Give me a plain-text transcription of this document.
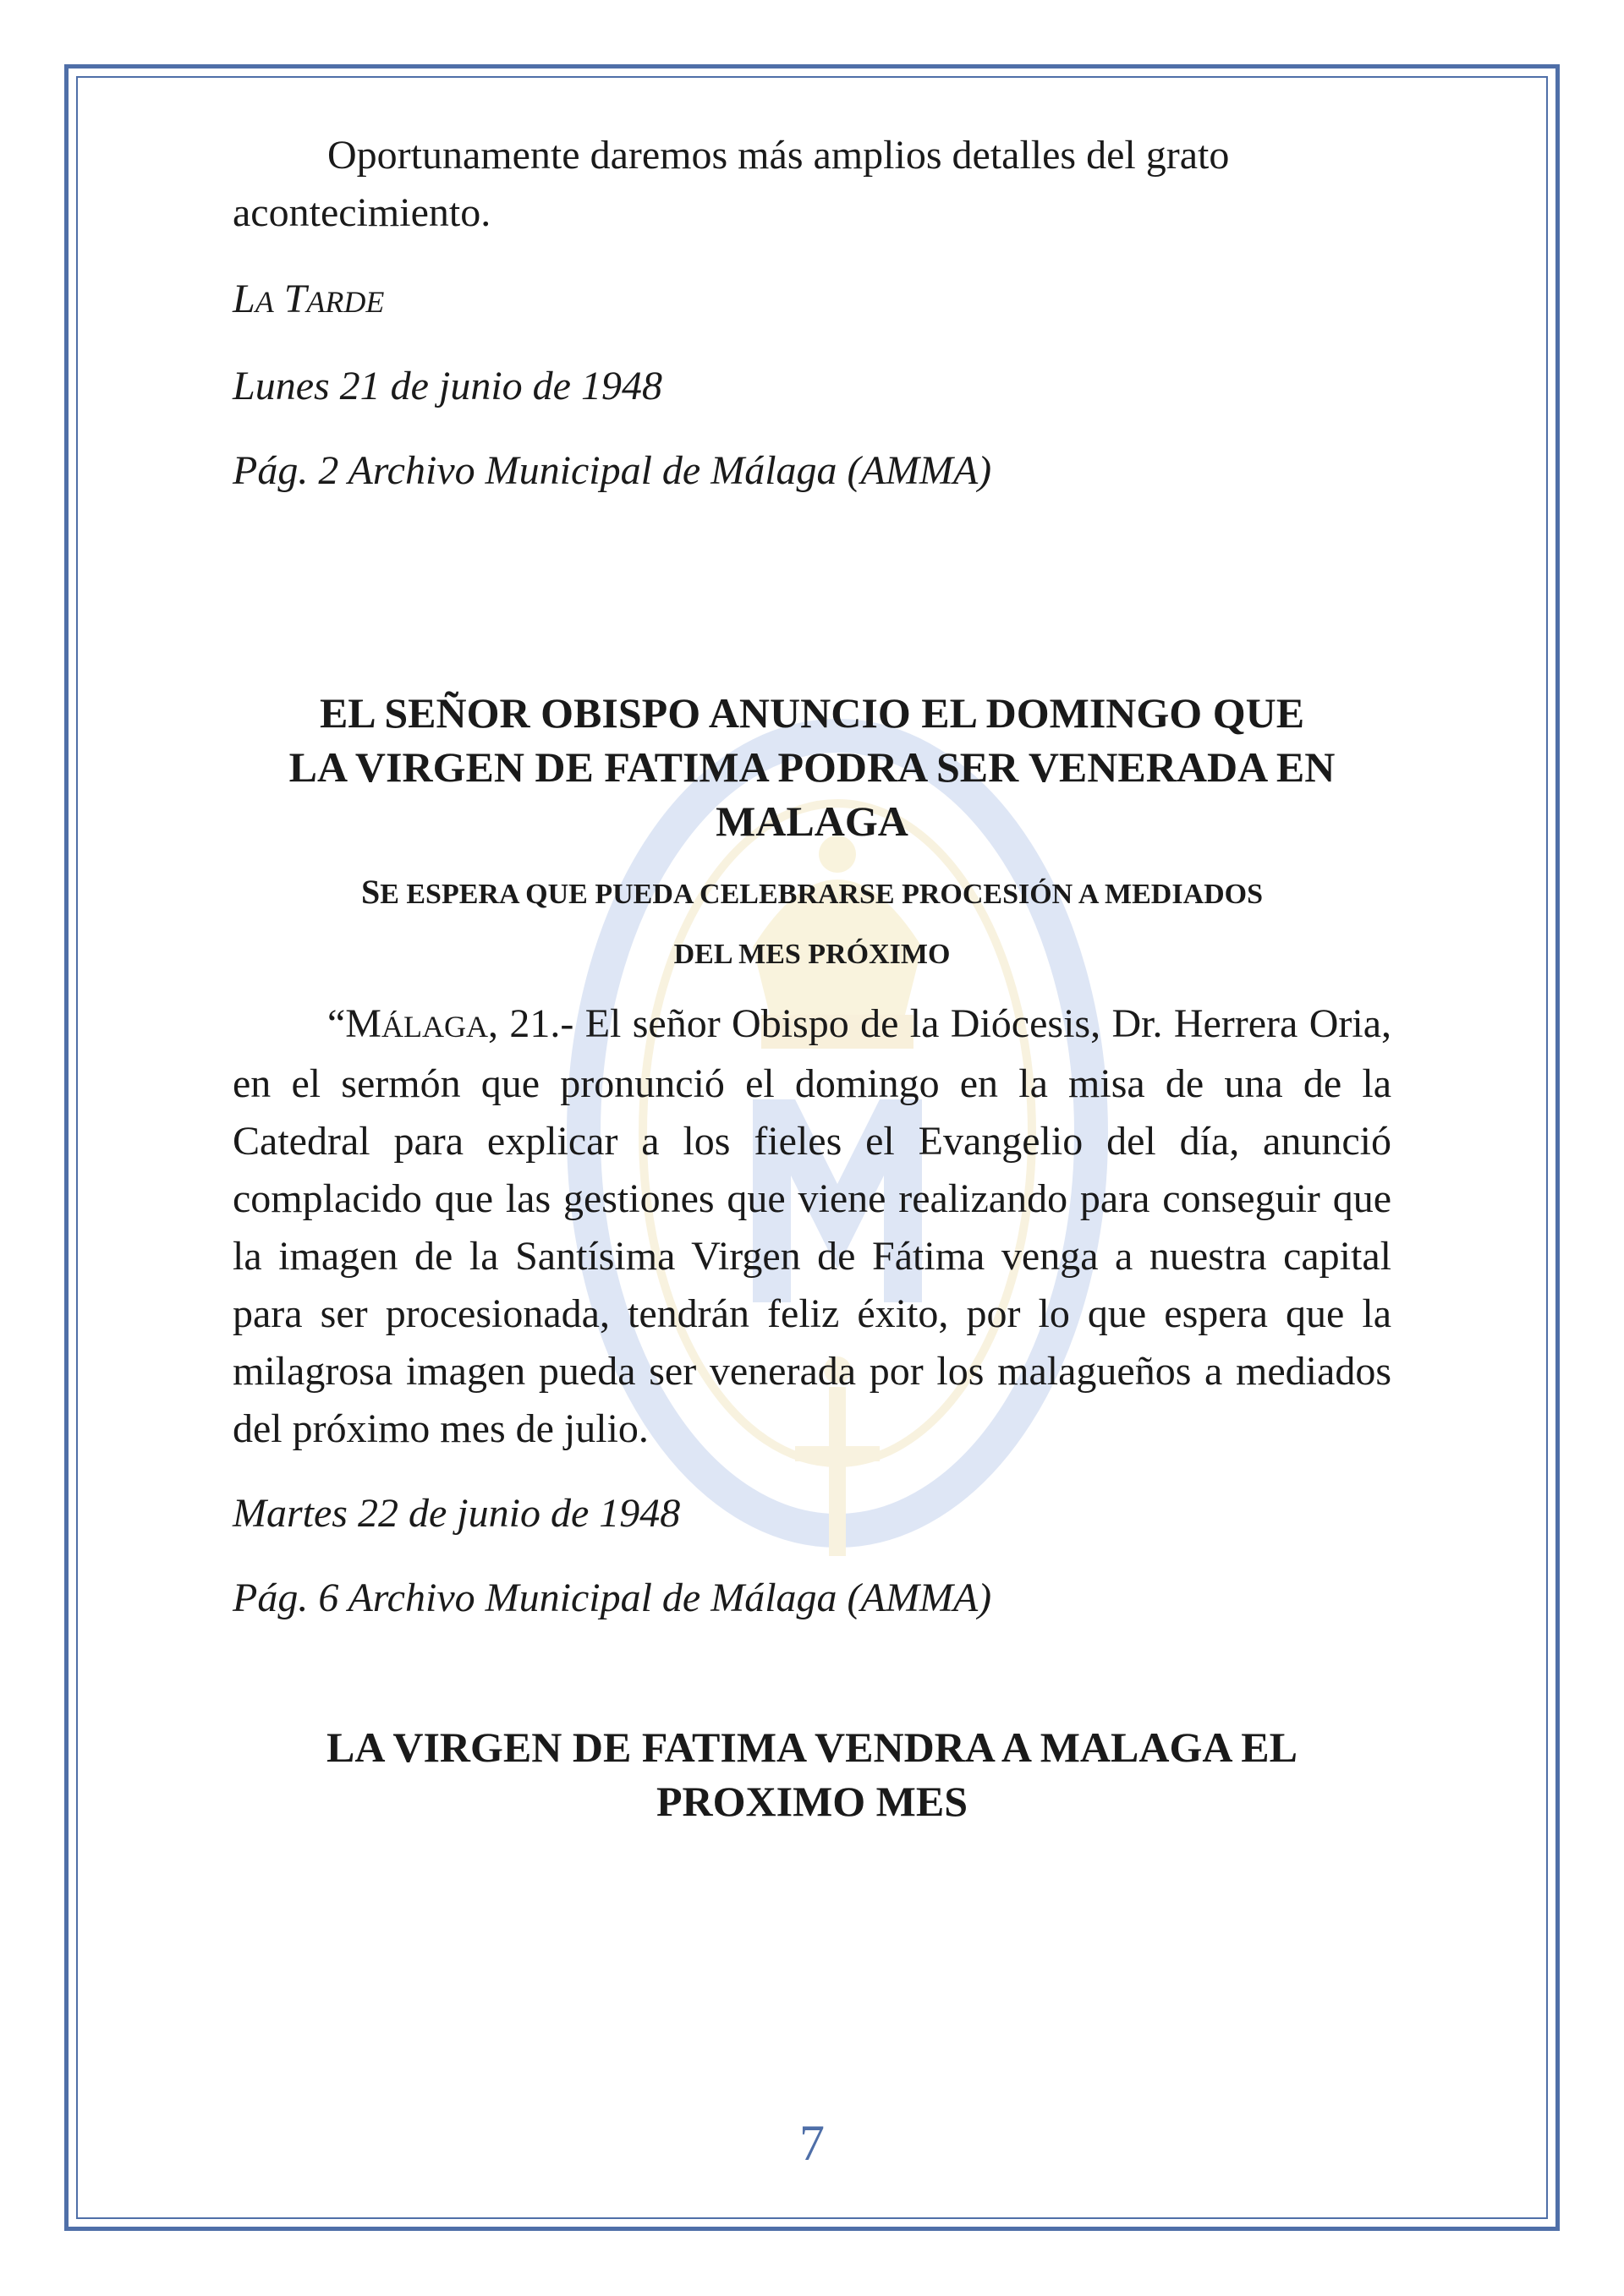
Oportunamente daremos más amplios detalles del grato acontecimiento.

LA TARDE

Lunes 21 de junio de 1948

Pág. 2 Archivo Municipal de Málaga (AMMA)

EL SEÑOR OBISPO ANUNCIO EL DOMINGO QUE

LA VIRGEN DE FATIMA PODRA SER VENERADA EN

MALAGA

SE ESPERA QUE PUEDA CELEBRARSE PROCESIÓN A MEDIADOS

DEL MES PRÓXIMO

“MÁLAGA, 21.- El señor Obispo de la Diócesis, Dr. Herrera Oria, en el sermón que pronunció el domingo en la misa de una de la Catedral para explicar a los fieles el Evangelio del día, anunció complacido que las gestiones que viene realizando para conseguir que la imagen de la Santísima Virgen de Fátima venga a nuestra capital para ser procesionada, tendrán feliz éxito, por lo que espera que la milagrosa imagen pueda ser venerada por los malagueños a mediados del próximo mes de julio.

Martes 22 de junio de 1948

Pág. 6 Archivo Municipal de Málaga (AMMA)

LA VIRGEN DE FATIMA VENDRA A MALAGA EL

PROXIMO MES

7
